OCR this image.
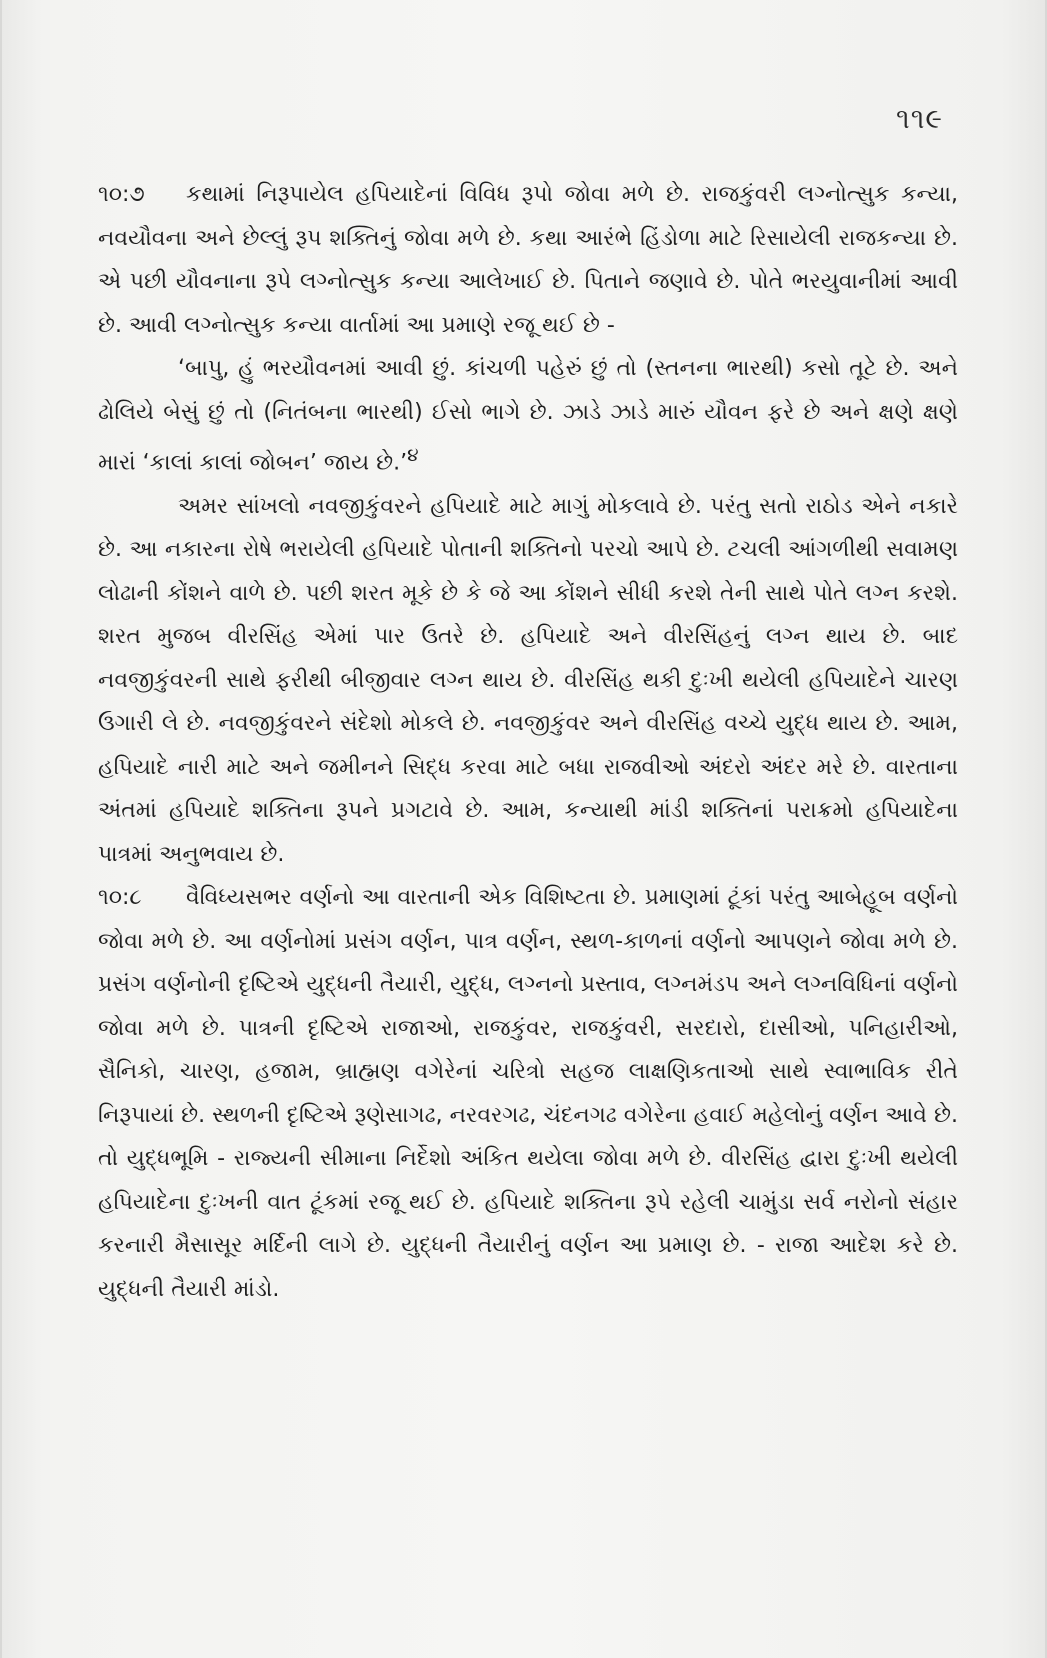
૧૧૯

૧૦:૭ કથામાં નિરૂપાયેલ હપિયાદેનાં વિવિધ રૂપો જોવા મળે છે. રાજકુંવરી લગ્નોત્સુક કન્યા, નવયૌવના અને છેલ્લું રૂપ શક્તિનું જોવા મળે છે. કથા આરંભે હિંડોળા માટે રિસાયેલી રાજકન્યા છે. એ પછી યૌવનાના રૂપે લગ્નોત્સુક કન્યા આલેખાઈ છે. પિતાને જણાવે છે. પોતે ભરયુવાનીમાં આવી છે. આવી લગ્નોત્સુક કન્યા વાર્તામાં આ પ્રમાણે રજૂ થઈ છે -

‘બાપુ, હું ભરયૌવનમાં આવી છું. કાંચળી પહેરું છું તો (સ્તનના ભારથી) કસો તૂટે છે. અને ઢોલિયે બેસું છું તો (નિતંબના ભારથી) ઈસો ભાગે છે. ઝાડે ઝાડે મારું યૌવન ફરે છે અને ક્ષણે ક્ષણે મારાં ‘કાલાં કાલાં જોબન’ જાય છે.’$^૪$

અમર સાંખલો નવજીકુંવરને હપિયાદે માટે માગું મોકલાવે છે. પરંતુ સતો રાઠોડ એને નકારે છે. આ નકારના રોષે ભરાયેલી હપિયાદે પોતાની શક્તિનો પરચો આપે છે. ટચલી આંગળીથી સવામણ લોઢાની કોંશને વાળે છે. પછી શરત મૂકે છે કે જે આ કોંશને સીધી કરશે તેની સાથે પોતે લગ્ન કરશે. શરત મુજબ વીરસિંહ એમાં પાર ઉતરે છે. હપિયાદે અને વીરસિંહનું લગ્ન થાય છે. બાદ નવજીકુંવરની સાથે ફરીથી બીજીવાર લગ્ન થાય છે. વીરસિંહ થકી દુઃખી થયેલી હપિયાદેને ચારણ ઉગારી લે છે. નવજીકુંવરને સંદેશો મોકલે છે. નવજીકુંવર અને વીરસિંહ વચ્ચે યુદ્ધ થાય છે. આમ, હપિયાદે નારી માટે અને જમીનને સિદ્ધ કરવા માટે બધા રાજવીઓ અંદરો અંદર મરે છે. વારતાના અંતમાં હપિયાદે શક્તિના રૂપને પ્રગટાવે છે. આમ, કન્યાથી માંડી શક્તિનાં પરાક્રમો હપિયાદેના પાત્રમાં અનુભવાય છે.

૧૦:૮ વૈવિધ્યસભર વર્ણનો આ વારતાની એક વિશિષ્ટતા છે. પ્રમાણમાં ટૂંકાં પરંતુ આબેહૂબ વર્ણનો જોવા મળે છે. આ વર્ણનોમાં પ્રસંગ વર્ણન, પાત્ર વર્ણન, સ્થળ-કાળનાં વર્ણનો આપણને જોવા મળે છે. પ્રસંગ વર્ણનોની દૃષ્ટિએ યુદ્ધની તૈયારી, યુદ્ધ, લગ્નનો પ્રસ્તાવ, લગ્નમંડપ અને લગ્નવિધિનાં વર્ણનો જોવા મળે છે. પાત્રની દૃષ્ટિએ રાજાઓ, રાજકુંવર, રાજકુંવરી, સરદારો, દાસીઓ, પનિહારીઓ, સૈનિકો, ચારણ, હજામ, બ્રાહ્મણ વગેરેનાં ચરિત્રો સહજ લાક્ષણિકતાઓ સાથે સ્વાભાવિક રીતે નિરૂપાયાં છે. સ્થળની દૃષ્ટિએ રૂણેસાગઢ, નરવરગઢ, ચંદનગઢ વગેરેના હવાઈ મહેલોનું વર્ણન આવે છે. તો યુદ્ધભૂમિ - રાજ્યની સીમાના નિર્દેશો અંકિત થયેલા જોવા મળે છે. વીરસિંહ દ્વારા દુઃખી થયેલી હપિયાદેના દુઃખની વાત ટૂંકમાં રજૂ થઈ છે. હપિયાદે શક્તિના રૂપે રહેલી ચામુંડા સર્વ નરોનો સંહાર કરનારી મૈસાસૂર મર્દિની લાગે છે. યુદ્ધની તૈયારીનું વર્ણન આ પ્રમાણ છે. - રાજા આદેશ કરે છે. યુદ્ધની તૈયારી માંડો.
